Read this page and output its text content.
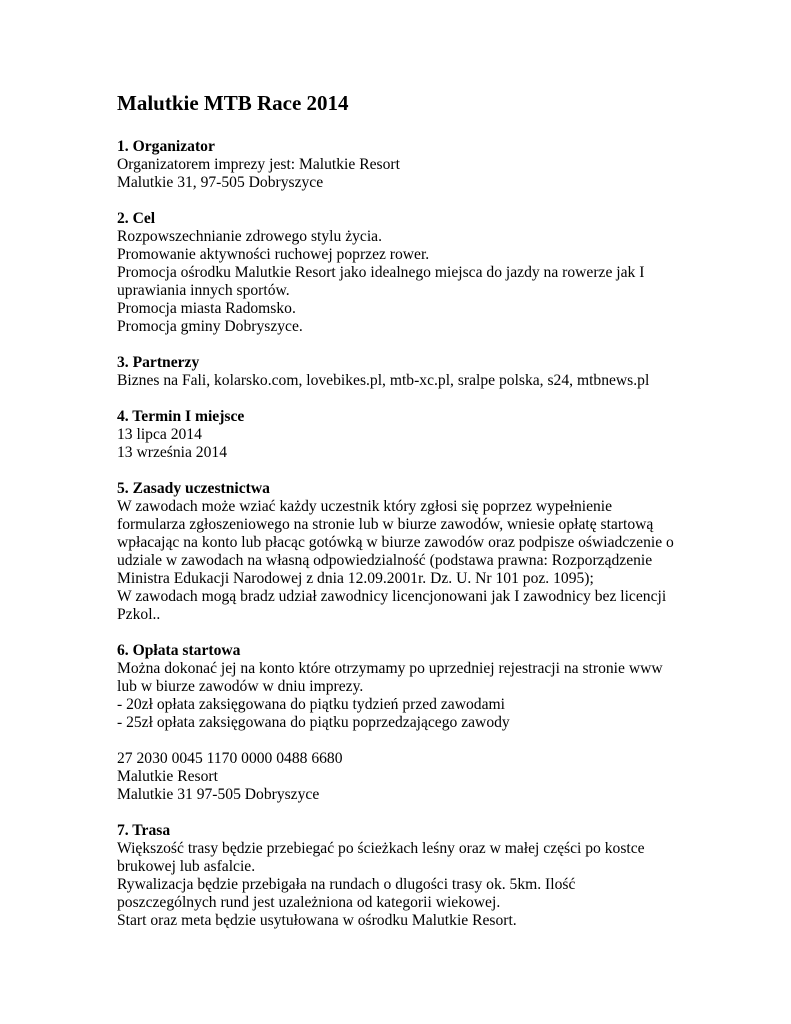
Malutkie MTB Race 2014

1. Organizator

Organizatorem imprezy jest: Malutkie Resort

Malutkie 31, 97-505 Dobryszyce

2. Cel

Rozpowszechnianie zdrowego stylu życia.

Promowanie aktywności ruchowej poprzez rower.

Promocja ośrodku Malutkie Resort jako idealnego miejsca do jazdy na rowerze jak I

uprawiania innych sportów.

Promocja miasta Radomsko.

Promocja gminy Dobryszyce.

3. Partnerzy

Biznes na Fali, kolarsko.com, lovebikes.pl, mtb-xc.pl, sralpe polska, s24, mtbnews.pl

4. Termin I miejsce

13 lipca 2014

13 września 2014

5. Zasady uczestnictwa

W zawodach może wziać każdy uczestnik który zgłosi się poprzez wypełnienie

formularza zgłoszeniowego na stronie lub w biurze zawodów, wniesie opłatę startową

wpłacając na konto lub płacąc gotówką w biurze zawodów oraz podpisze oświadczenie o

udziale w zawodach na własną odpowiedzialność (podstawa prawna: Rozporządzenie

Ministra Edukacji Narodowej z dnia 12.09.2001r. Dz. U. Nr 101 poz. 1095);

W zawodach mogą bradz udział zawodnicy licencjonowani jak I zawodnicy bez licencji

Pzkol..

6. Opłata startowa

Można dokonać jej na konto które otrzymamy po uprzedniej rejestracji na stronie www

lub w biurze zawodów w dniu imprezy.

- 20zł opłata zaksięgowana do piątku tydzień przed zawodami

- 25zł opłata zaksięgowana do piątku poprzedzającego zawody

27 2030 0045 1170 0000 0488 6680

Malutkie Resort

Malutkie 31 97-505 Dobryszyce

7. Trasa

Większość trasy będzie przebiegać po ścieżkach leśny oraz w małej części po kostce

brukowej lub asfalcie.

Rywalizacja będzie przebigała na rundach o dlugości trasy ok. 5km. Ilość

poszczególnych rund jest uzależniona od kategorii wiekowej.

Start oraz meta będzie usytułowana w ośrodku Malutkie Resort.
